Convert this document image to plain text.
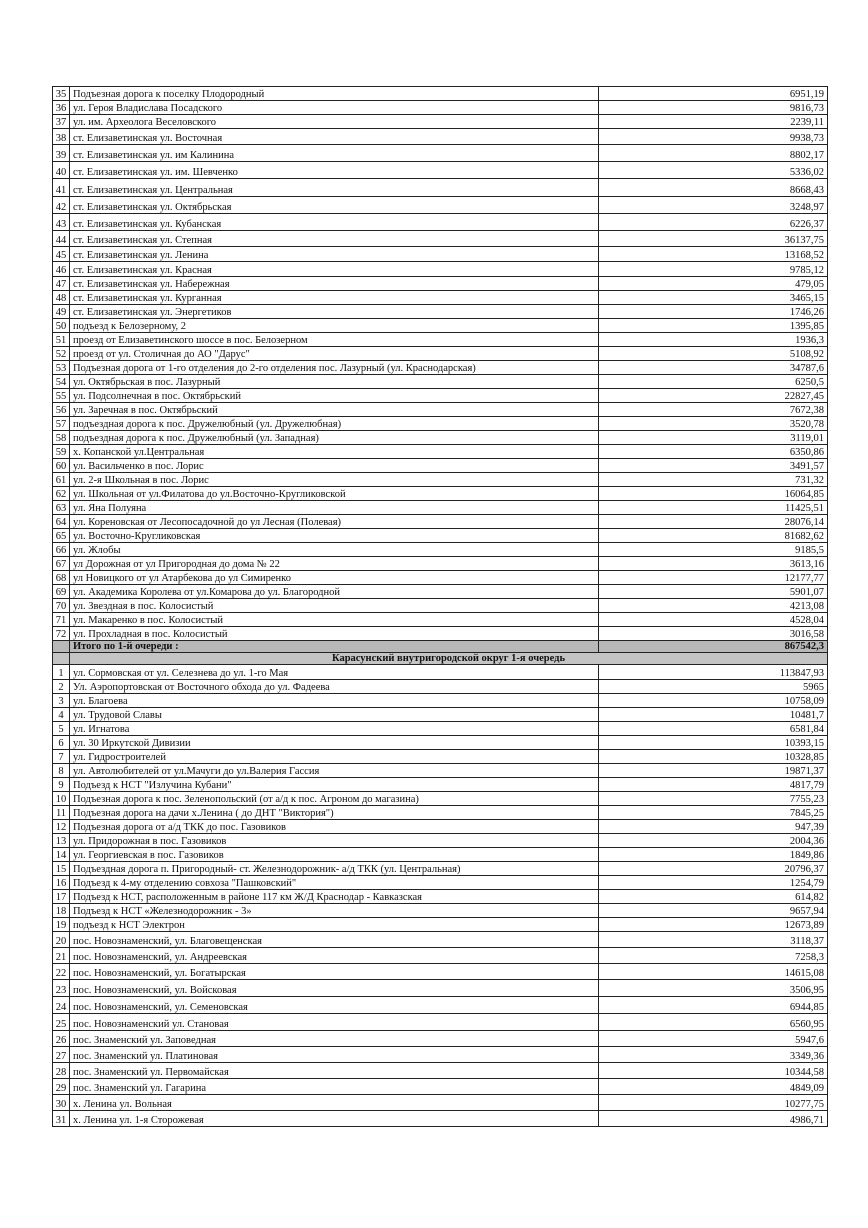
35	Подъезная дорога к поселку Плодородный	6951,19
36	ул. Героя Владислава Посадского	9816,73
37	ул. им. Археолога Веселовского	2239,11
38	ст. Елизаветинская ул. Восточная	9938,73
39	ст. Елизаветинская ул. им Калинина	8802,17
40	ст. Елизаветинская ул. им. Шевченко	5336,02
41	ст. Елизаветинская ул. Центральная	8668,43
42	ст. Елизаветинская ул. Октябрьская	3248,97
43	ст. Елизаветинская ул. Кубанская	6226,37
44	ст. Елизаветинская ул. Степная	36137,75
45	ст. Елизаветинская ул. Ленина	13168,52
46	ст. Елизаветинская ул. Красная	9785,12
47	ст. Елизаветинская ул. Набережная	479,05
48	ст. Елизаветинская ул. Курганная	3465,15
49	ст. Елизаветинская ул. Энергетиков	1746,26
50	подъезд к Белозерному, 2	1395,85
51	проезд от Елизаветинского шоссе в пос. Белозерном	1936,3
52	проезд от ул. Столичная до АО "Дарус"	5108,92
53	Подъезная дорога от 1-го отделения до 2-го отделения пос. Лазурный (ул. Краснодарская)	34787,6
54	ул. Октябрьская в пос. Лазурный	6250,5
55	ул. Подсолнечная в пос. Октябрьский	22827,45
56	ул. Заречная в пос. Октябрьский	7672,38
57	подъездная дорога к пос. Дружелюбный (ул. Дружелюбная)	3520,78
58	подъездная дорога к пос. Дружелюбный (ул. Западная)	3119,01
59	х. Копанской ул.Центральная	6350,86
60	ул. Васильченко в пос. Лорис	3491,57
61	ул. 2-я Школьная в пос. Лорис	731,32
62	ул. Школьная от ул.Филатова до ул.Восточно-Кругликовской	16064,85
63	ул. Яна Полуяна	11425,51
64	ул. Кореновская от Лесопосадочной до ул Лесная (Полевая)	28076,14
65	ул. Восточно-Кругликовская	81682,62
66	ул. Жлобы	9185,5
67	ул Дорожная от ул Пригородная до дома № 22	3613,16
68	ул Новицкого от ул Атарбекова до ул Симиренко	12177,77
69	ул. Академика Королева от ул.Комарова до ул. Благородной	5901,07
70	ул. Звездная в пос. Колосистый	4213,08
71	ул. Макаренко в пос. Колосистый	4528,04
72	ул. Прохладная в пос. Колосистый	3016,58
	Итого по 1-й очереди :	867542,3
	Карасунский внутригородской округ 1-я очередь	
1	ул. Сормовская от ул. Селезнева до ул. 1-го Мая	113847,93
2	Ул. Аэропортовская от Восточного обхода до ул. Фадеева	5965
3	ул. Благоева	10758,09
4	ул. Трудовой Славы	10481,7
5	ул. Игнатова	6581,84
6	ул. 30 Иркутской Дивизии	10393,15
7	ул. Гидростроителей	10328,85
8	ул. Автолюбителей от ул.Мачуги до ул.Валерия Гассия	19871,37
9	Подъезд к НСТ "Излучина Кубани"	4817,79
10	Подъезная дорога к пос. Зеленопольский (от а/д к пос. Агроном до магазина)	7755,23
11	Подъезная дорога на дачи х.Ленина ( до ДНТ "Виктория")	7845,25
12	Подъезная дорога от а/д ТКК до пос. Газовиков	947,39
13	ул. Придорожная в пос. Газовиков	2004,36
14	ул. Георгиевская в пос. Газовиков	1849,86
15	Подъездная дорога п. Пригородный- ст. Железнодорожник- а/д ТКК (ул. Центральная)	20796,37
16	Подъезд к 4-му отделению совхоза "Пашковский"	1254,79
17	Подъезд к НСТ, расположенным в районе 117 км Ж/Д Краснодар - Кавказская	614,82
18	Подъезд к НСТ «Железнодорожник - 3»	9657,94
19	подъезд к НСТ Электрон	12673,89
20	пос. Новознаменский, ул. Благовещенская	3118,37
21	пос. Новознаменский, ул. Андреевская	7258,3
22	пос. Новознаменский, ул. Богатырская	14615,08
23	пос. Новознаменский, ул. Войсковая	3506,95
24	пос. Новознаменский, ул. Семеновская	6944,85
25	пос. Новознаменский ул. Становая	6560,95
26	пос. Знаменский ул. Заповедная	5947,6
27	пос. Знаменский ул. Платиновая	3349,36
28	пос. Знаменский ул. Первомайская	10344,58
29	пос. Знаменский ул. Гагарина	4849,09
30	х. Ленина ул. Вольная	10277,75
31	х. Ленина ул. 1-я Сторожевая	4986,71
